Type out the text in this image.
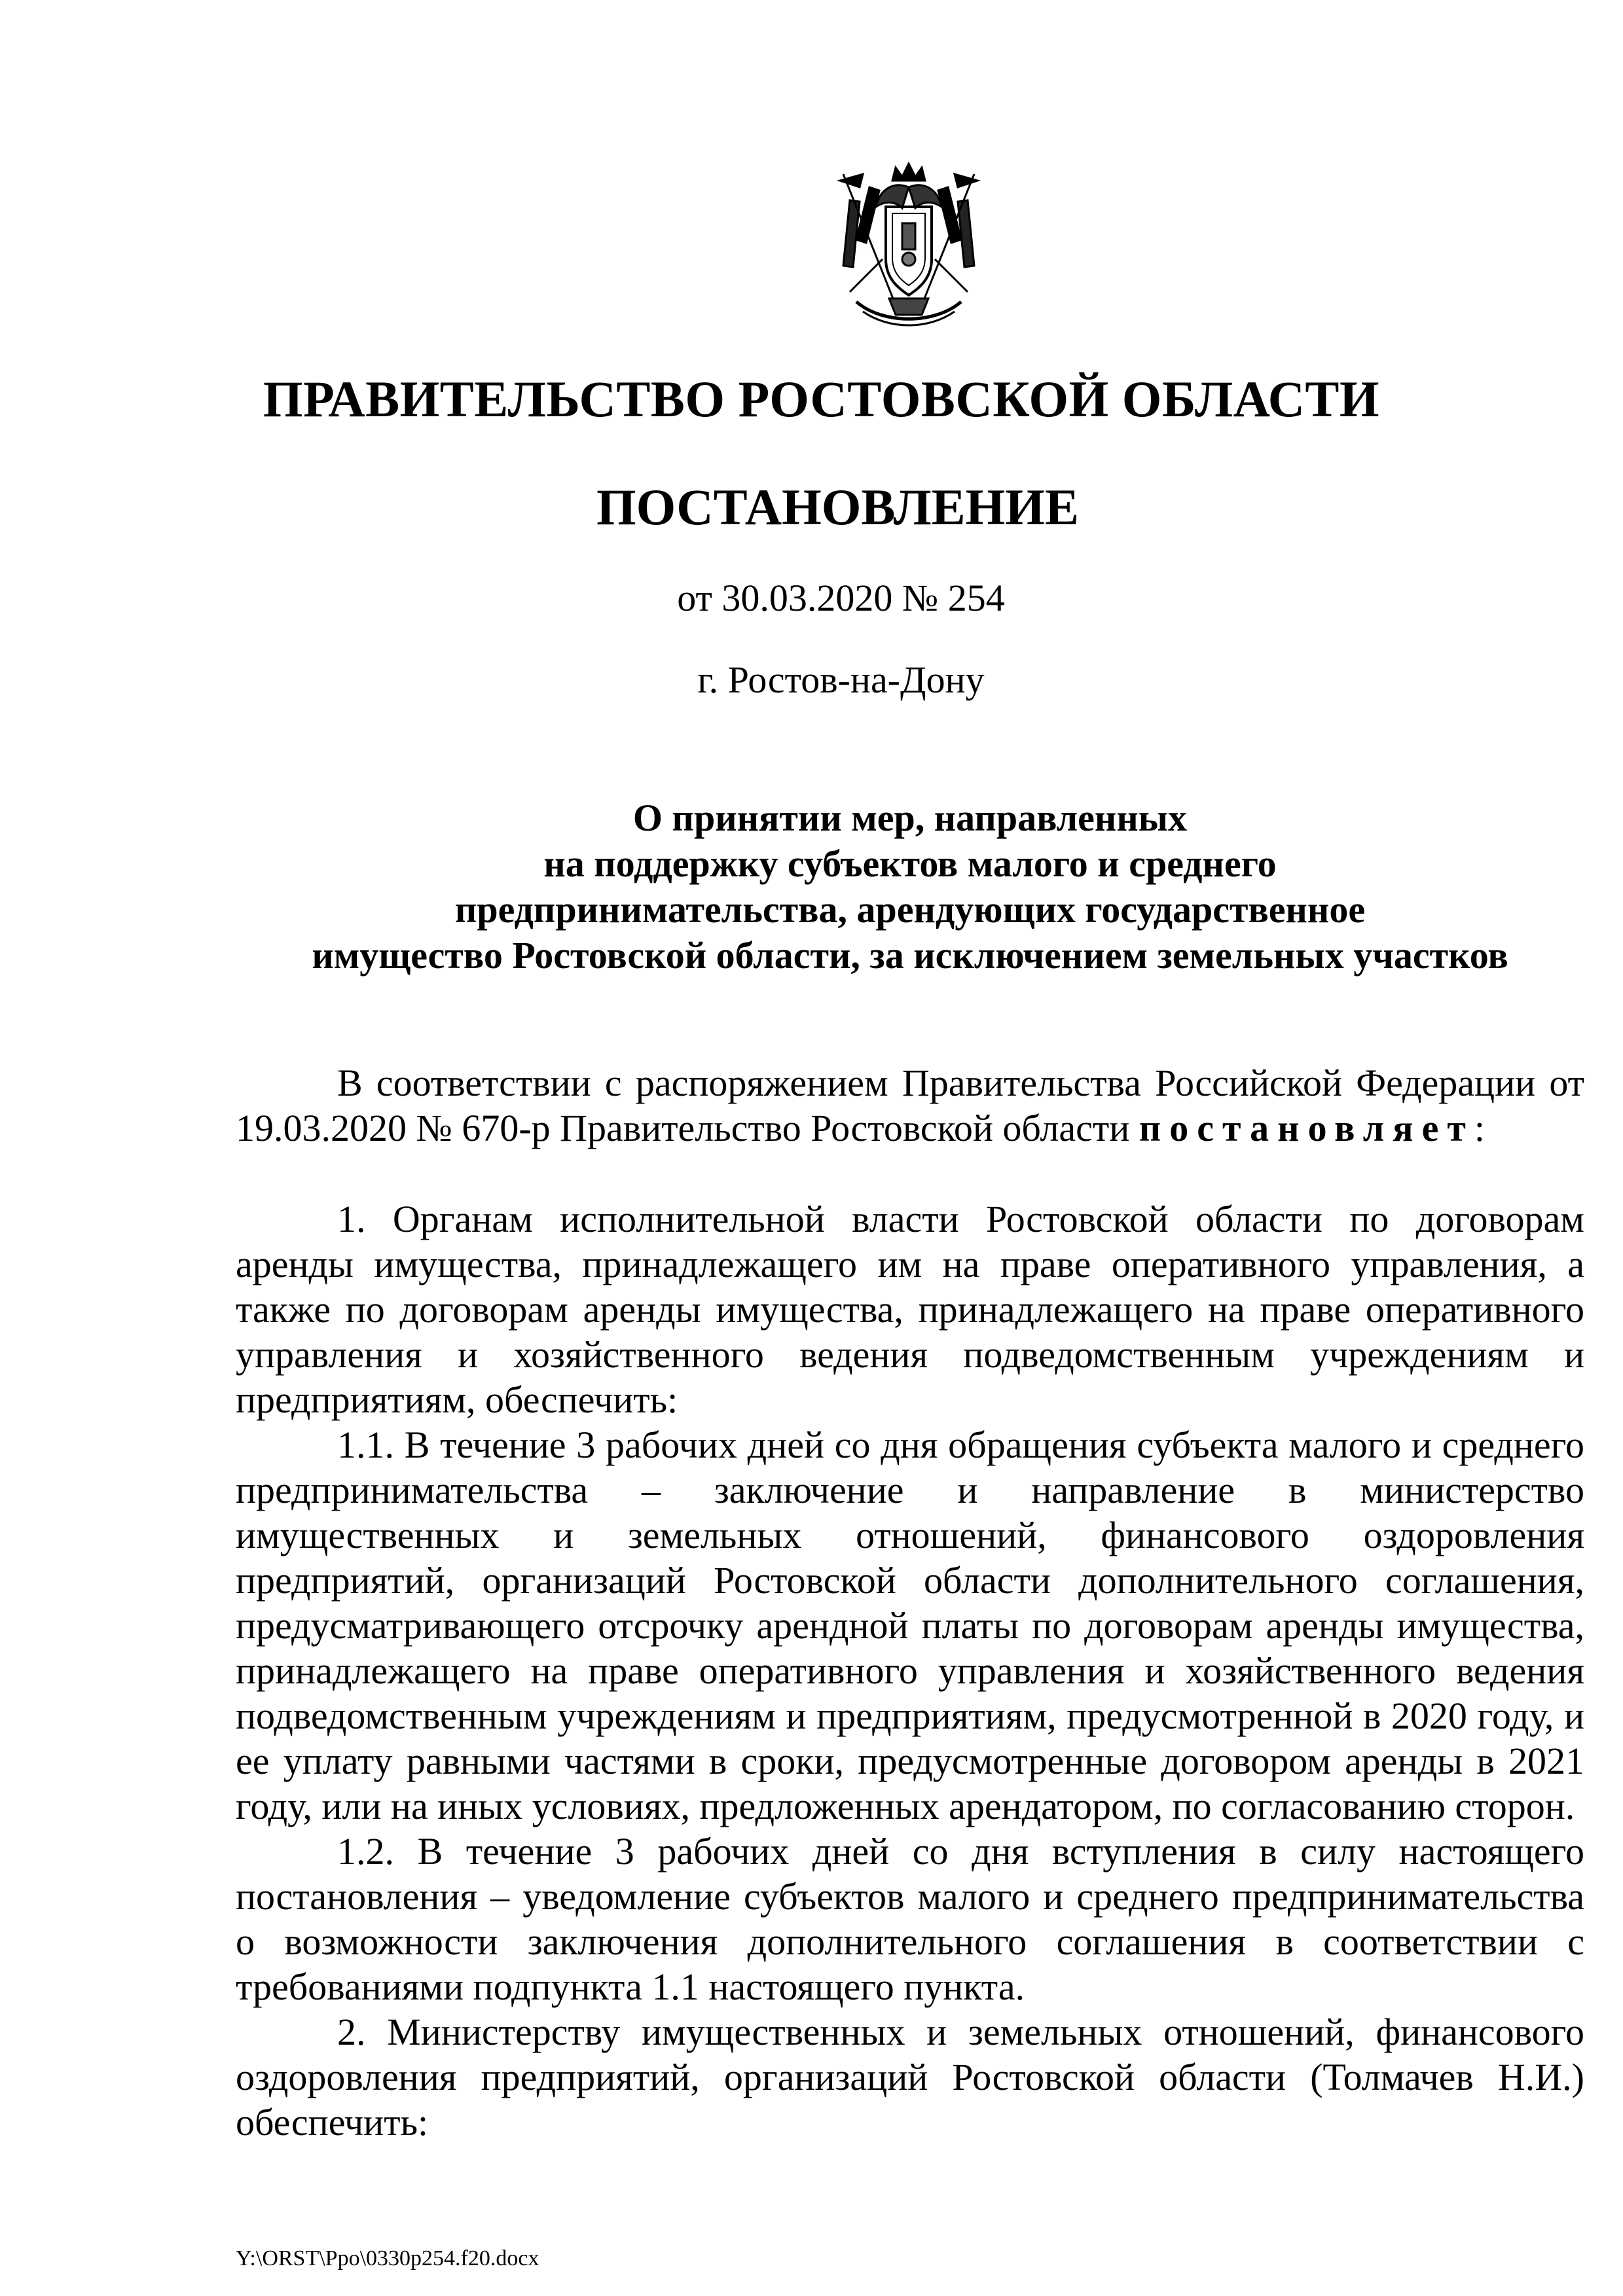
ПРАВИТЕЛЬСТВО РОСТОВСКОЙ ОБЛАСТИ
ПОСТАНОВЛЕНИЕ
от 30.03.2020 № 254
г. Ростов-на-Дону
О принятии мер, направленных
на поддержку субъектов малого и среднего
предпринимательства, арендующих государственное
имущество Ростовской области, за исключением земельных участков

В соответствии с распоряжением Правительства Российской Федерации от 19.03.2020 № 670-р Правительство Ростовской области постановляет:

1. Органам исполнительной власти Ростовской области по договорам аренды имущества, принадлежащего им на праве оперативного управления, а также по договорам аренды имущества, принадлежащего на праве оперативного управления и хозяйственного ведения подведомственным учреждениям и предприятиям, обеспечить:

1.1. В течение 3 рабочих дней со дня обращения субъекта малого и среднего предпринимательства – заключение и направление в министерство имущественных и земельных отношений, финансового оздоровления предприятий, организаций Ростовской области дополнительного соглашения, предусматривающего отсрочку арендной платы по договорам аренды имущества, принадлежащего на праве оперативного управления и хозяйственного ведения подведомственным учреждениям и предприятиям, предусмотренной в 2020 году, и ее уплату равными частями в сроки, предусмотренные договором аренды в 2021 году, или на иных условиях, предложенных арендатором, по согласованию сторон.

1.2. В течение 3 рабочих дней со дня вступления в силу настоящего постановления – уведомление субъектов малого и среднего предпринимательства о возможности заключения дополнительного соглашения в соответствии с требованиями подпункта 1.1 настоящего пункта.

2. Министерству имущественных и земельных отношений, финансового оздоровления предприятий, организаций Ростовской области (Толмачев Н.И.) обеспечить:

Y:\ORST\Ppo\0330p254.f20.docx
